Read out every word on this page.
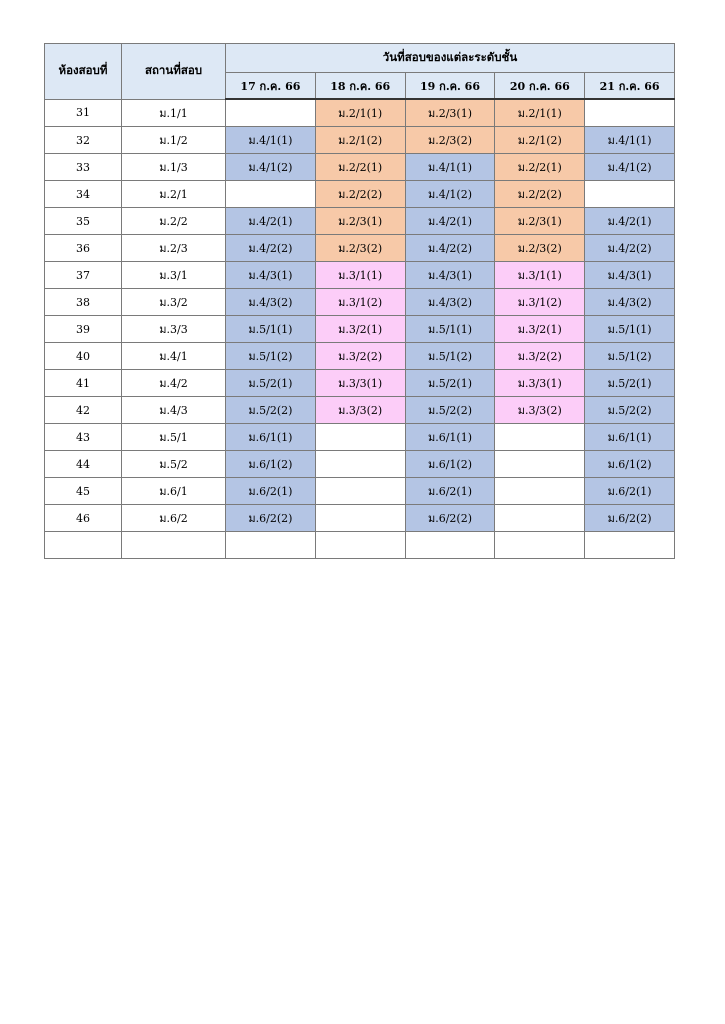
ห้องสอบที่	สถานที่สอบ	วันที่สอบของแต่ละระดับชั้น				
		17 ก.ค. 66	18 ก.ค. 66	19 ก.ค. 66	20 ก.ค. 66	21 ก.ค. 66
31	ม.1/1		ม.2/1(1)	ม.2/3(1)	ม.2/1(1)	
32	ม.1/2	ม.4/1(1)	ม.2/1(2)	ม.2/3(2)	ม.2/1(2)	ม.4/1(1)
33	ม.1/3	ม.4/1(2)	ม.2/2(1)	ม.4/1(1)	ม.2/2(1)	ม.4/1(2)
34	ม.2/1		ม.2/2(2)	ม.4/1(2)	ม.2/2(2)	
35	ม.2/2	ม.4/2(1)	ม.2/3(1)	ม.4/2(1)	ม.2/3(1)	ม.4/2(1)
36	ม.2/3	ม.4/2(2)	ม.2/3(2)	ม.4/2(2)	ม.2/3(2)	ม.4/2(2)
37	ม.3/1	ม.4/3(1)	ม.3/1(1)	ม.4/3(1)	ม.3/1(1)	ม.4/3(1)
38	ม.3/2	ม.4/3(2)	ม.3/1(2)	ม.4/3(2)	ม.3/1(2)	ม.4/3(2)
39	ม.3/3	ม.5/1(1)	ม.3/2(1)	ม.5/1(1)	ม.3/2(1)	ม.5/1(1)
40	ม.4/1	ม.5/1(2)	ม.3/2(2)	ม.5/1(2)	ม.3/2(2)	ม.5/1(2)
41	ม.4/2	ม.5/2(1)	ม.3/3(1)	ม.5/2(1)	ม.3/3(1)	ม.5/2(1)
42	ม.4/3	ม.5/2(2)	ม.3/3(2)	ม.5/2(2)	ม.3/3(2)	ม.5/2(2)
43	ม.5/1	ม.6/1(1)		ม.6/1(1)		ม.6/1(1)
44	ม.5/2	ม.6/1(2)		ม.6/1(2)		ม.6/1(2)
45	ม.6/1	ม.6/2(1)		ม.6/2(1)		ม.6/2(1)
46	ม.6/2	ม.6/2(2)		ม.6/2(2)		ม.6/2(2)
